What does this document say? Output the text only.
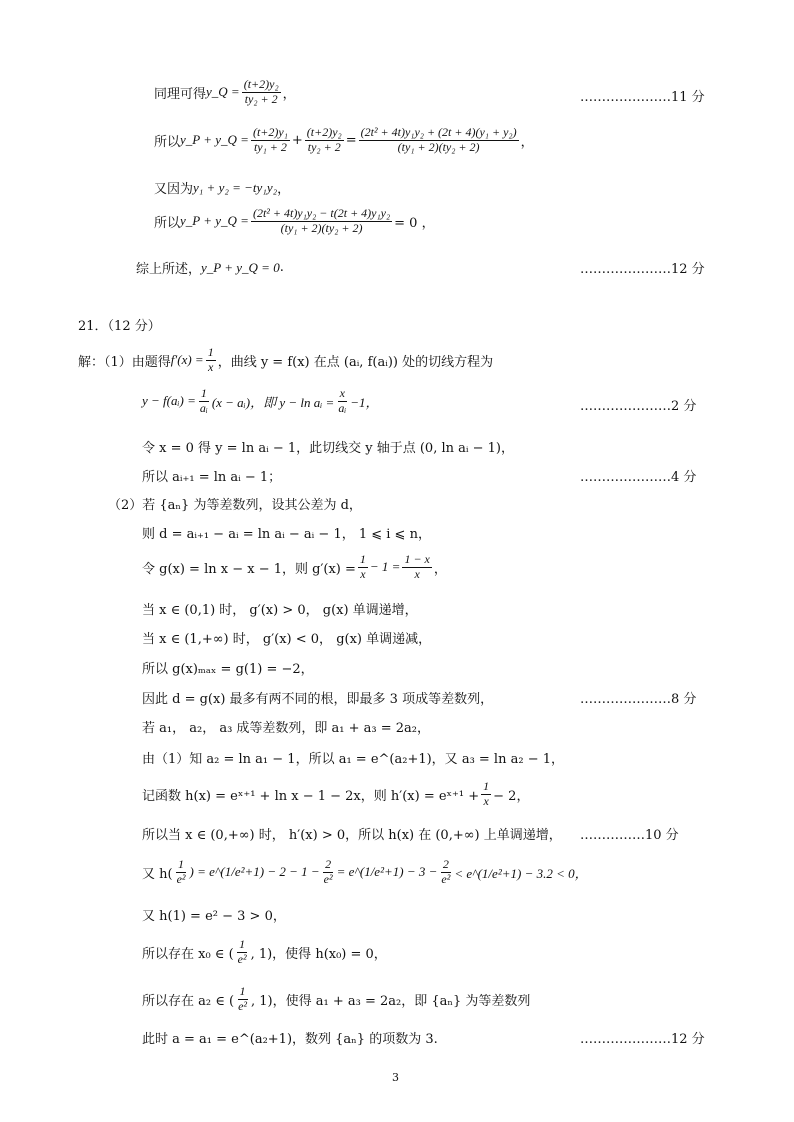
同理可得 y_Q = $\frac{\text{(t+2)y₂}}{\text{ty₂ + 2}}$ ，	…………………11 分
所以 y_P + y_Q = $\frac{\text{(t+2)y₁}}{\text{ty₁ + 2}} + \frac{\text{(t+2)y₂}}{\text{ty₂ + 2}} = \frac{\text{(2t² + 4t)y₁y₂ + (2t + 4)(y₁ + y₂)}}{\text{(ty₁ + 2)(ty₂ + 2)}}$ ，
又因为 y₁ + y₂ = −ty₁y₂ ，
所以 y_P + y_Q = $\frac{\text{(2t² + 4t)y₁y₂ − t(2t + 4)y₁y₂}}{\text{(ty₁ + 2)(ty₂ + 2)}} = 0$ ，
综上所述， y_P + y_Q = 0 .	…………………12 分
21．（12 分）
解：（1）由题得 $f'(x) = \frac{1}{x}$ ，曲线 y = f(x) 在点 (aᵢ, f(aᵢ)) 处的切线方程为
y − f(aᵢ) = $\frac{1}{\text{aᵢ}} (x$ − aᵢ)，即 y − ln aᵢ = $\frac{x}{\text{aᵢ}} -1$，	…………………2 分
令 x = 0 得 y = ln aᵢ − 1，此切线交 y 轴于点 (0, ln aᵢ − 1)，
所以 aᵢ₊₁ = ln aᵢ − 1；	…………………4 分
（2）若 {aₙ} 为等差数列，设其公差为 d，
则 d = aᵢ₊₁ − aᵢ = ln aᵢ − aᵢ − 1， 1 ⩽ i ⩽ n，
令 g(x) = ln x − x − 1，则 $g'(x) = \frac{1}{x} - 1 = \frac{1 - x}{x}$ ，
当 x ∈ (0,1) 时， g′(x) > 0， g(x) 单调递增，
当 x ∈ (1,+∞) 时， g′(x) < 0， g(x) 单调递减，
所以 g(x)ₘₐₓ = g(1) = −2，
因此 d = g(x) 最多有两不同的根，即最多 3 项成等差数列，	…………………8 分
若 a₁， a₂， a₃ 成等差数列，即 a₁ + a₃ = 2a₂，
由（1）知 a₂ = ln a₁ − 1，所以 a₁ = e^(a₂+1)，又 a₃ = ln a₂ − 1，
记函数 h(x) = eˣ⁺¹ + ln x − 1 − 2x，则 h′(x) = eˣ⁺¹ + $\frac{1}{x} - 2$，
所以当 x ∈ (0,+∞) 时， h′(x) > 0，所以 h(x) 在 (0,+∞) 上单调递增， ……………10 分
又 $h( \frac{1}{\text{e²}}$ ) = e^(1/e²+1) − $2 - 1 - \frac{2}{\text{e²}}$ = e^(1/e²+1) − $3 - \frac{2}{\text{e²}}$ < e^(1/e²+1) − 3.2 < 0，
又 h(1) = e² − 3 > 0，
所以存在 x₀ ∈ ( $\frac{1}{\text{e²}}$ , 1)，使得 h(x₀) = 0，
所以存在 a₂ ∈ ( $\frac{1}{\text{e²}}$ , 1)，使得 a₁ + a₃ = 2a₂，即 {aₙ} 为等差数列
此时 a = a₁ = e^(a₂+1)，数列 {aₙ} 的项数为 3.	…………………12 分
3
